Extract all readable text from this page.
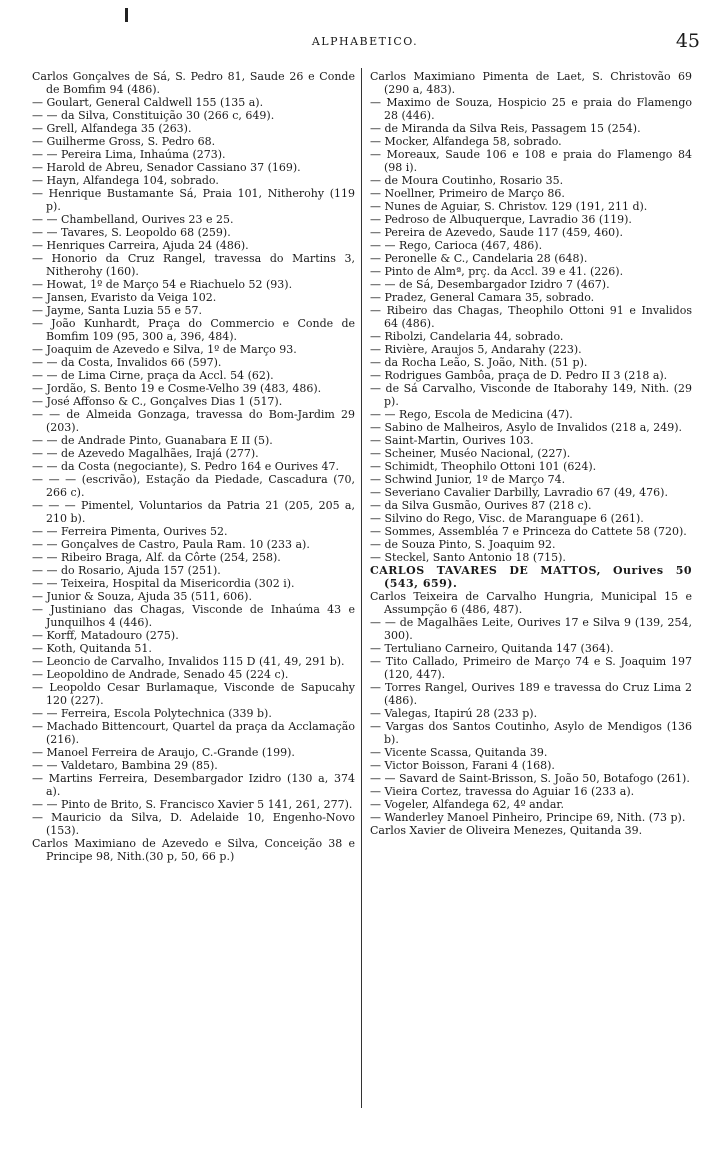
ALPHABETICO.	45
Carlos Gonçalves de Sá, S. Pedro 81, Saude 26 e Conde de Bomfim 94 (486).
— Goulart, General Caldwell 155 (135 a).
— — da Silva, Constituição 30 (266 c, 649).
— Grell, Alfandega 35 (263).
— Guilherme Gross, S. Pedro 68.
— — Pereira Lima, Inhaúma (273).
— Harold de Abreu, Senador Cassiano 37 (169).
— Hayn, Alfandega 104, sobrado.
— Henrique Bustamante Sá, Praia 101, Nitherohy (119 p).
— — Chambelland, Ourives 23 e 25.
— — Tavares, S. Leopoldo 68 (259).
— Henriques Carreira, Ajuda 24 (486).
— Honorio da Cruz Rangel, travessa do Martins 3, Nitherohy (160).
— Howat, 1º de Março 54 e Riachuelo 52 (93).
— Jansen, Evaristo da Veiga 102.
— Jayme, Santa Luzia 55 e 57.
— João Kunhardt, Praça do Commercio e Conde de Bomfim 109 (95, 300 a, 396, 484).
— Joaquim de Azevedo e Silva, 1º de Março 93.
— — da Costa, Invalidos 66 (597).
— — de Lima Cirne, praça da Accl. 54 (62).
— Jordão, S. Bento 19 e Cosme-Velho 39 (483, 486).
— José Affonso & C., Gonçalves Dias 1 (517).
— — de Almeida Gonzaga, travessa do Bom-Jardim 29 (203).
— — de Andrade Pinto, Guanabara E II (5).
— — de Azevedo Magalhães, Irajá (277).
— — da Costa (negociante), S. Pedro 164 e Ourives 47.
— — — (escrivão), Estação da Piedade, Cascadura (70, 266 c).
— — — Pimentel, Voluntarios da Patria 21 (205, 205 a, 210 b).
— — Ferreira Pimenta, Ourives 52.
— — Gonçalves de Castro, Paula Ram. 10 (233 a).
— — Ribeiro Braga, Alf. da Côrte (254, 258).
— — do Rosario, Ajuda 157 (251).
— — Teixeira, Hospital da Misericordia (302 i).
— Junior & Souza, Ajuda 35 (511, 606).
— Justiniano das Chagas, Visconde de Inhaúma 43 e Junquilhos 4 (446).
— Korff, Matadouro (275).
— Koth, Quitanda 51.
— Leoncio de Carvalho, Invalidos 115 D (41, 49, 291 b).
— Leopoldino de Andrade, Senado 45 (224 c).
— Leopoldo Cesar Burlamaque, Visconde de Sapucahy 120 (227).
— — Ferreira, Escola Polytechnica (339 b).
— Machado Bittencourt, Quartel da praça da Acclamação (216).
— Manoel Ferreira de Araujo, C.-Grande (199).
— — Valdetaro, Bambina 29 (85).
— Martins Ferreira, Desembargador Izidro (130 a, 374 a).
— — Pinto de Brito, S. Francisco Xavier 5 141, 261, 277).
— Mauricio da Silva, D. Adelaide 10, Engenho-Novo (153).
Carlos Maximiano de Azevedo e Silva, Conceição 38 e Principe 98, Nith.(30 p, 50, 66 p.)
Carlos Maximiano Pimenta de Laet, S. Christovão 69 (290 a, 483).
— Maximo de Souza, Hospicio 25 e praia do Flamengo 28 (446).
— de Miranda da Silva Reis, Passagem 15 (254).
— Mocker, Alfandega 58, sobrado.
— Moreaux, Saude 106 e 108 e praia do Flamengo 84 (98 i).
— de Moura Coutinho, Rosario 35.
— Noellner, Primeiro de Março 86.
— Nunes de Aguiar, S. Christov. 129 (191, 211 d).
— Pedroso de Albuquerque, Lavradio 36 (119).
— Pereira de Azevedo, Saude 117 (459, 460).
— — Rego, Carioca (467, 486).
— Peronelle & C., Candelaria 28 (648).
— Pinto de Almª, prç. da Accl. 39 e 41. (226).
— — de Sá, Desembargador Izidro 7 (467).
— Pradez, General Camara 35, sobrado.
— Ribeiro das Chagas, Theophilo Ottoni 91 e Invalidos 64 (486).
— Ribolzi, Candelaria 44, sobrado.
— Rivière, Araujos 5, Andarahy (223).
— da Rocha Leão, S. João, Nith. (51 p).
— Rodrigues Gambôa, praça de D. Pedro II 3 (218 a).
— de Sá Carvalho, Visconde de Itaborahy 149, Nith. (29 p).
— — Rego, Escola de Medicina (47).
— Sabino de Malheiros, Asylo de Invalidos (218 a, 249).
— Saint-Martin, Ourives 103.
— Scheiner, Muséo Nacional, (227).
— Schimidt, Theophilo Ottoni 101 (624).
— Schwind Junior, 1º de Março 74.
— Severiano Cavalier Darbilly, Lavradio 67 (49, 476).
— da Silva Gusmão, Ourives 87 (218 c).
— Silvino do Rego, Visc. de Maranguape 6 (261).
— Sommes, Assembléa 7 e Princeza do Cattete 58 (720).
— de Souza Pinto, S. Joaquim 92.
— Steckel, Santo Antonio 18 (715).
CARLOS TAVARES DE MATTOS, Ourives 50 (543, 659).
Carlos Teixeira de Carvalho Hungria, Municipal 15 e Assumpção 6 (486, 487).
— — de Magalhães Leite, Ourives 17 e Silva 9 (139, 254, 300).
— Tertuliano Carneiro, Quitanda 147 (364).
— Tito Callado, Primeiro de Março 74 e S. Joaquim 197 (120, 447).
— Torres Rangel, Ourives 189 e travessa do Cruz Lima 2 (486).
— Valegas, Itapirú 28 (233 p).
— Vargas dos Santos Coutinho, Asylo de Mendigos (136 b).
— Vicente Scassa, Quitanda 39.
— Victor Boisson, Farani 4 (168).
— — Savard de Saint-Brisson, S. João 50, Botafogo (261).
— Vieira Cortez, travessa do Aguiar 16 (233 a).
— Vogeler, Alfandega 62, 4º andar.
— Wanderley Manoel Pinheiro, Principe 69, Nith. (73 p).
Carlos Xavier de Oliveira Menezes, Quitanda 39.
